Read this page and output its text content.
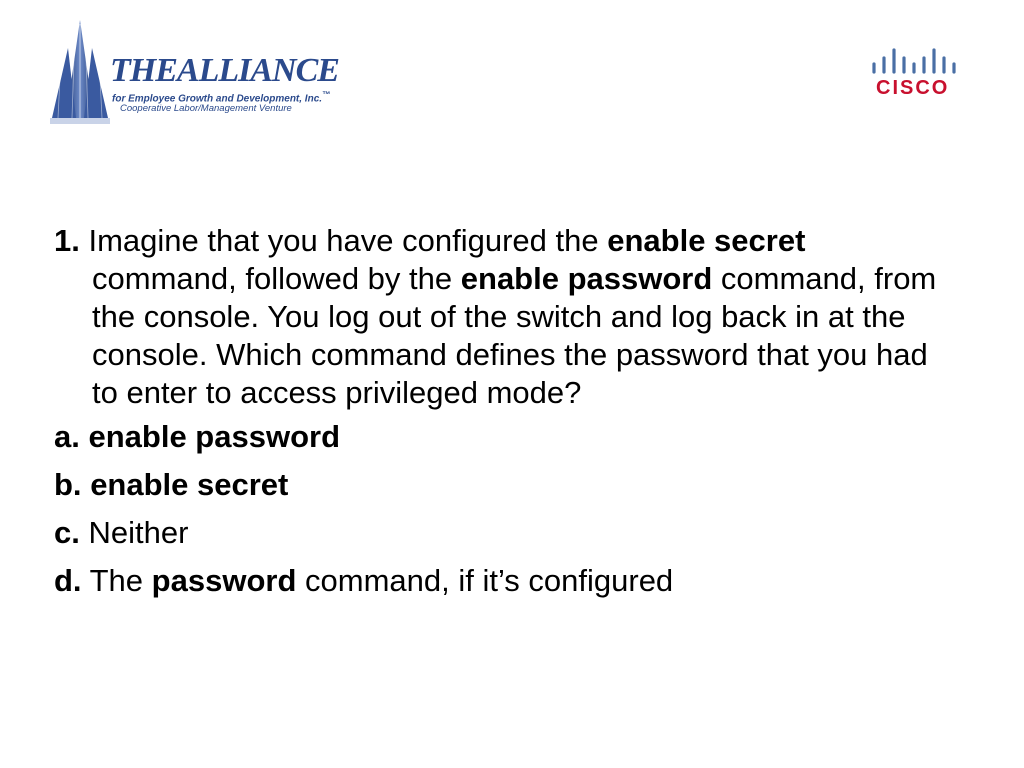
THEALLIANCE
for Employee Growth and Development, Inc.™
Cooperative Labor/Management Venture
CISCO

1. Imagine that you have configured the enable secret command, followed by the enable password command, from the console. You log out of the switch and log back in at the console. Which command defines the password that you had to enter to access privileged mode?

a. enable password

b. enable secret

c. Neither

d. The password command, if it’s configured
